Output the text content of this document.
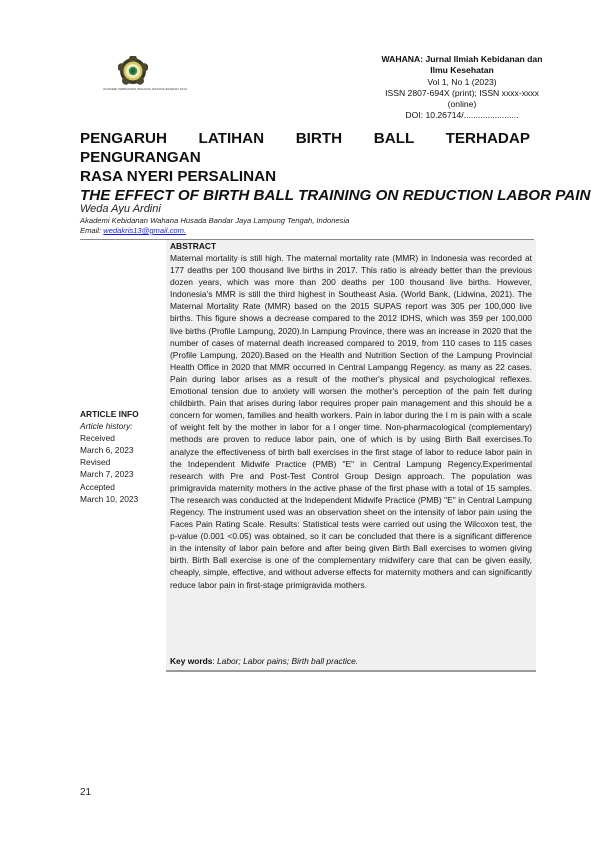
AKADEMI KEBIDANAN WAHANA HUSADA BANDAR JAYA
WAHANA: Jurnal Ilmiah Kebidanan dan Ilmu Kesehatan
Vol 1, No 1 (2023)
ISSN 2807-694X (print); ISSN xxxx-xxxx (online)
DOI: 10.26714/.......................
PENGARUH LATIHAN BIRTH BALL TERHADAP PENGURANGAN
RASA NYERI PERSALINAN
THE EFFECT OF BIRTH BALL TRAINING ON REDUCTION LABOR PAIN
Weda Ayu Ardini
Akademi Kebidanan Wahana Husada Bandar Jaya Lampung Tengah, Indonesia
Email: wedakris13@gmail.com.
ARTICLE INFO
Article history:
Received
March 6, 2023
Revised
March 7, 2023
Accepted
March 10, 2023
ABSTRACT

Maternal mortality is still high. The maternal mortality rate (MMR) in Indonesia was recorded at 177 deaths per 100 thousand live births in 2017. This ratio is already better than the previous dozen years, which was more than 200 deaths per 100 thousand live births. However, Indonesia's MMR is still the third highest in Southeast Asia. (World Bank, (Lidwina, 2021). The Maternal Mortality Rate (MMR) based on the 2015 SUPAS report was 305 per 100,000 live births. This figure shows a decrease compared to the 2012 IDHS, which was 359 per 100,000 live births (Profile Lampung, 2020).In Lampung Province, there was an increase in 2020 that the number of cases of maternal death increased compared to 2019, from 110 cases to 115 cases (Profile Lampung, 2020).Based on the Health and Nutrition Section of the Lampung Provincial Health Office in 2020 that MMR occurred in Central Lampangg Regency. as many as 22 cases. Pain during labor arises as a result of the mother's physical and psychological reflexes. Emotional tension due to anxiety will worsen the mother's perception of the pain felt during childbirth. Pain that arises during labor requires proper pain management and this should be a concern for women, families and health workers. Pain in labor during the I m is pain with a scale of weight felt by the mother in labor for a l onger time. Non-pharmacological (complementary) methods are proven to reduce labor pain, one of which is by using Birth Ball exercises.To analyze the effectiveness of birth ball exercises in the first stage of labor to reduce labor pain in the Independent Midwife Practice (PMB) "E" in Central Lampung Regency.Experimental research with Pre and Post-Test Control Group Design approach. The population was primigravida maternity mothers in the active phase of the first phase with a total of 15 samples. The research was conducted at the Independent Midwife Practice (PMB) "E" in Central Lampung Regency. The instrument used was an observation sheet on the intensity of labor pain using the Faces Pain Rating Scale. Results: Statistical tests were carried out using the Wilcoxon test, the p-value (0.001 <0.05) was obtained, so it can be concluded that there is a significant difference in the intensity of labor pain before and after being given Birth Ball exercises to women giving birth. Birth Ball exercise is one of the complementary midwifery care that can be given easily, cheaply, simple, effective, and without adverse effects for maternity mothers and can significantly reduce labor pain in first-stage primigravida mothers.

Key words: Labor; Labor pains; Birth ball practice.
21
